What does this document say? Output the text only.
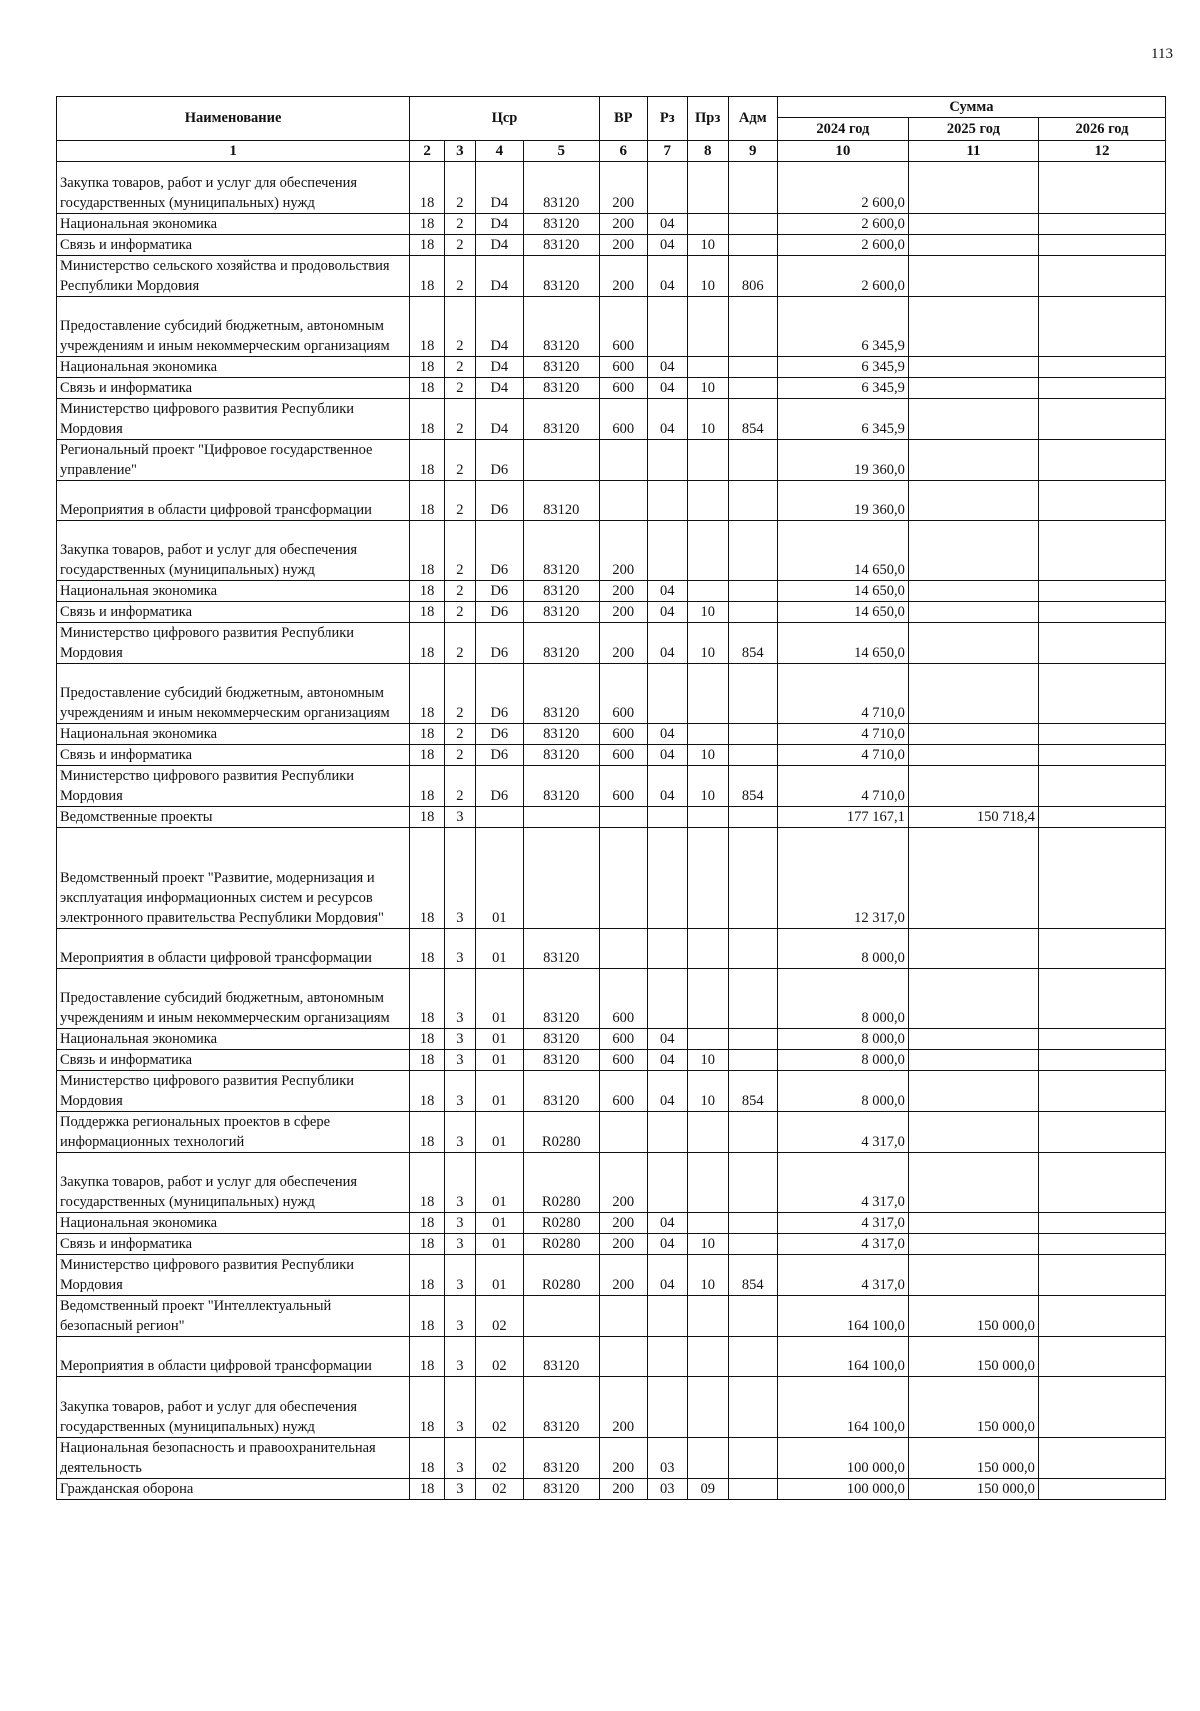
113
Наименование	Цср				ВР	Рз	Прз	Адм	Сумма		
									2024 год	2025 год	2026 год
1	2	3	4	5	6	7	8	9	10	11	12
Закупка товаров, работ и услуг для обеспечения государственных (муниципальных) нужд	18	2	D4	83120	200				2 600,0		
Национальная экономика	18	2	D4	83120	200	04			2 600,0		
Связь и информатика	18	2	D4	83120	200	04	10		2 600,0		
Министерство сельского хозяйства и продовольствия Республики Мордовия	18	2	D4	83120	200	04	10	806	2 600,0		
Предоставление субсидий бюджетным, автономным учреждениям и иным некоммерческим организациям	18	2	D4	83120	600				6 345,9		
Национальная экономика	18	2	D4	83120	600	04			6 345,9		
Связь и информатика	18	2	D4	83120	600	04	10		6 345,9		
Министерство цифрового развития Республики Мордовия	18	2	D4	83120	600	04	10	854	6 345,9		
Региональный проект "Цифровое государственное управление"	18	2	D6						19 360,0		
Мероприятия в области цифровой трансформации	18	2	D6	83120					19 360,0		
Закупка товаров, работ и услуг для обеспечения государственных (муниципальных) нужд	18	2	D6	83120	200				14 650,0		
Национальная экономика	18	2	D6	83120	200	04			14 650,0		
Связь и информатика	18	2	D6	83120	200	04	10		14 650,0		
Министерство цифрового развития Республики Мордовия	18	2	D6	83120	200	04	10	854	14 650,0		
Предоставление субсидий бюджетным, автономным учреждениям и иным некоммерческим организациям	18	2	D6	83120	600				4 710,0		
Национальная экономика	18	2	D6	83120	600	04			4 710,0		
Связь и информатика	18	2	D6	83120	600	04	10		4 710,0		
Министерство цифрового развития Республики Мордовия	18	2	D6	83120	600	04	10	854	4 710,0		
Ведомственные проекты	18	3							177 167,1	150 718,4	
Ведомственный проект "Развитие, модернизация и эксплуатация информационных систем и ресурсов электронного правительства Республики Мордовия"	18	3	01						12 317,0		
Мероприятия в области цифровой трансформации	18	3	01	83120					8 000,0		
Предоставление субсидий бюджетным, автономным учреждениям и иным некоммерческим организациям	18	3	01	83120	600				8 000,0		
Национальная экономика	18	3	01	83120	600	04			8 000,0		
Связь и информатика	18	3	01	83120	600	04	10		8 000,0		
Министерство цифрового развития Республики Мордовия	18	3	01	83120	600	04	10	854	8 000,0		
Поддержка региональных проектов в сфере информационных технологий	18	3	01	R0280					4 317,0		
Закупка товаров, работ и услуг для обеспечения государственных (муниципальных) нужд	18	3	01	R0280	200				4 317,0		
Национальная экономика	18	3	01	R0280	200	04			4 317,0		
Связь и информатика	18	3	01	R0280	200	04	10		4 317,0		
Министерство цифрового развития Республики Мордовия	18	3	01	R0280	200	04	10	854	4 317,0		
Ведомственный проект "Интеллектуальный безопасный регион"	18	3	02						164 100,0	150 000,0	
Мероприятия в области цифровой трансформации	18	3	02	83120					164 100,0	150 000,0	
Закупка товаров, работ и услуг для обеспечения государственных (муниципальных) нужд	18	3	02	83120	200				164 100,0	150 000,0	
Национальная безопасность и правоохранительная деятельность	18	3	02	83120	200	03			100 000,0	150 000,0	
Гражданская оборона	18	3	02	83120	200	03	09		100 000,0	150 000,0	
